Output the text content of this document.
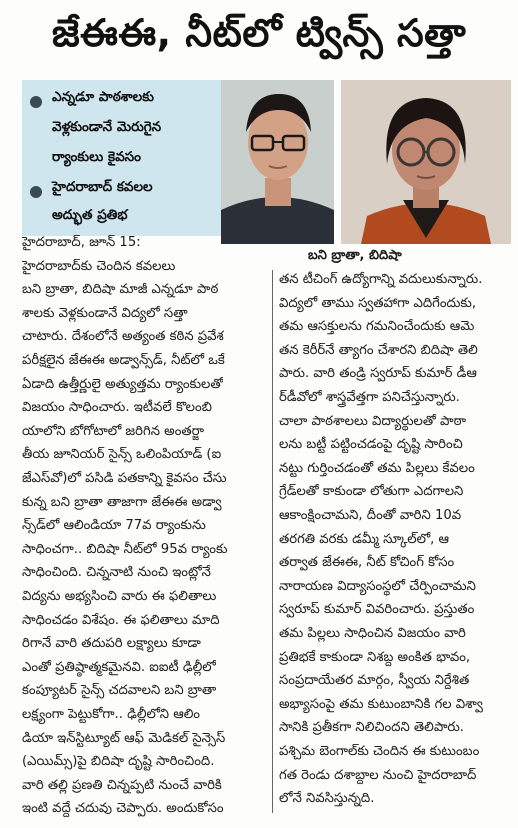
జేఈఈ, నీట్‌లో ట్విన్స్ సత్తా
ఎన్నడూ పాఠశాలకు
వెళ్లకుండానే మెరుగైన
ర్యాంకులు కైవసం
హైదరాబాద్ కవలల
అద్భుత ప్రతిభ
బని బ్రాతా, బిదిషా
హైదరాబాద్, జూన్ 15:
హైదరాబాద్‌కు చెందిన కవలలు
బని బ్రాతా, బిదిషా మాజీ ఎన్నడూ పాఠ
శాలకు వెళ్లకుండానే విద్యలో సత్తా
చాటారు. దేశంలోనే అత్యంత కఠిన ప్రవేశ
పరీక్షలైన జేఈఈ అడ్వాన్స్‌డ్, నీట్‌లో ఒకే
ఏడాది ఉత్తీర్ణులై అత్యుత్తమ ర్యాంకులతో
విజయం సాధించారు. ఇటీవలే కొలంబి
యాలోని బోగోటాలో జరిగిన అంతర్జా
తీయ జూనియర్ సైన్స్ ఒలింపియాడ్ (ఐ
జేఎస్‌వో)లో పసిడి పతకాన్ని కైవసం చేసు
కున్న బని బ్రాతా తాజాగా జేఈఈ అడ్వా
న్స్‌డ్‌లో ఆలిండియా 77వ ర్యాంకును
సాధించగా.. బిదిషా నీట్‌లో 95వ ర్యాంకు
సాధించింది. చిన్ననాటి నుంచి ఇంట్లోనే
విద్యను అభ్యసించి వారు ఈ ఫలితాలు
సాధించడం విశేషం. ఈ ఫలితాలు మాది
రిగానే వారి తదుపరి లక్ష్యాలు కూడా
ఎంతో ప్రతిష్ఠాత్మకమైనవి. ఐఐటీ ఢిల్లీలో
కంప్యూటర్ సైన్స్ చదవాలని బని బ్రాతా
లక్ష్యంగా పెట్టుకోగా.. ఢిల్లీలోని ఆలిం
డియా ఇన్‌స్టిట్యూట్ ఆఫ్ మెడికల్ సైన్సెస్
(ఎయిమ్స్)పై బిదిషా దృష్టి సారించింది.
వారి తల్లి ప్రణతి చిన్నప్పటి నుంచే వారికి
ఇంటి వద్దే చదువు చెప్పారు. అందుకోసం
తన టీచింగ్ ఉద్యోగాన్ని వదులుకున్నారు.
విద్యలో తాము స్వతహాగా ఎదిగేందుకు,
తమ ఆసక్తులను గమనించేందుకు ఆమె
తన కెరీర్‌నే త్యాగం చేశారని బిదిషా తెలి
పారు. వారి తండ్రి స్వరూప్ కుమార్ డీఆ
ర్‌డీవోలో శాస్త్రవేత్తగా పనిచేస్తున్నారు.
చాలా పాఠశాలలు విద్యార్థులతో పాఠా
లను బట్టీ పట్టించడంపై దృష్టి సారించి
నట్టు గుర్తించడంతో తమ పిల్లలు కేవలం
గ్రేడ్‌లతో కాకుండా లోతుగా ఎదగాలని
ఆకాంక్షించామని, దీంతో వారిని 10వ
తరగతి వరకు డమ్మీ స్కూల్‌లో, ఆ
తర్వాత జేఈఈ, నీట్ కోచింగ్ కోసం
నారాయణ విద్యాసంస్థలో చేర్పించామని
స్వరూప్ కుమార్ వివరించారు. ప్రస్తుతం
తమ పిల్లలు సాధించిన విజయం వారి
ప్రతిభకే కాకుండా నిశబ్ద అంకిత భావం,
సంప్రదాయేతర మార్గం, స్వీయ నిర్దేశిత
అభ్యాసంపై తమ కుటుంబానికి గల విశ్వా
సానికి ప్రతీకగా నిలిచిందని తెలిపారు.
పశ్చిమ బెంగాల్‌కు చెందిన ఈ కుటుంబం
గత రెండు దశాబ్దాల నుంచి హైదరాబాద్
లోనే నివసిస్తున్నది.
